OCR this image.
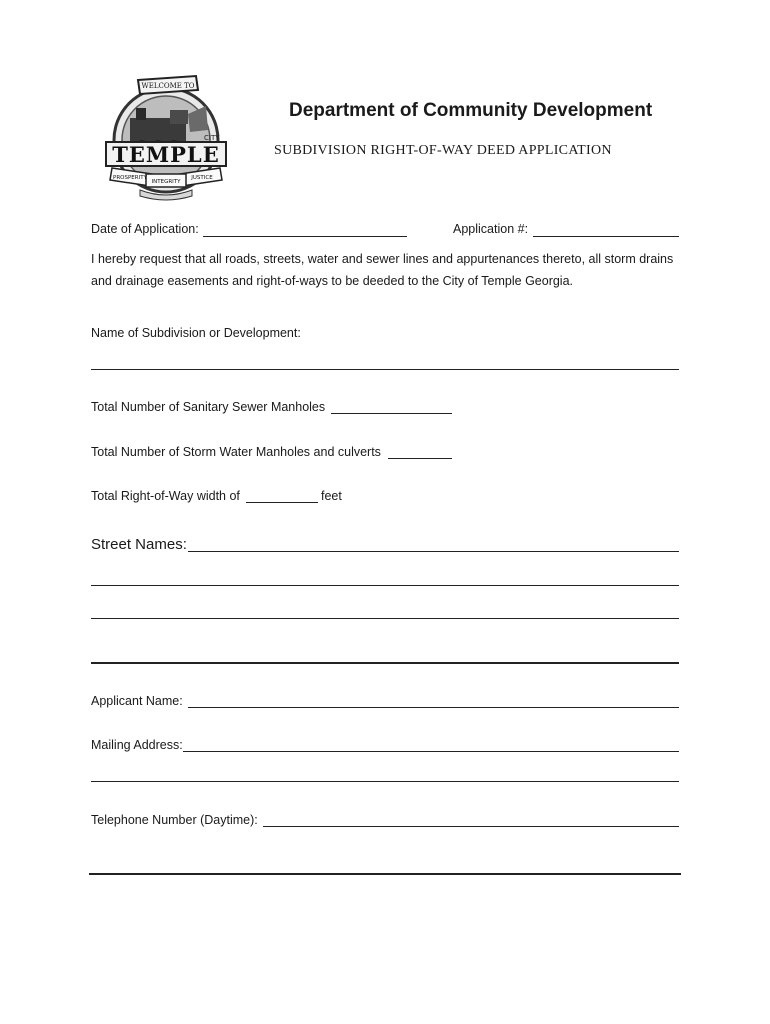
WELCOME TO
TEMPLE
CITY
PROSPERITY
INTEGRITY
JUSTICE
Department of Community Development
SUBDIVISION RIGHT-OF-WAY DEED APPLICATION
Date of Application:	Application #:
I hereby request that all roads, streets, water and sewer lines and appurtenances thereto, all storm drains and drainage easements and right-of-ways to be deeded to the City of Temple Georgia.
Name of Subdivision or Development:
Total Number of Sanitary Sewer Manholes
Total Number of Storm Water Manholes and culverts
Total Right-of-Way width of	feet
Street Names:
Applicant Name:
Mailing Address:
Telephone Number (Daytime):
